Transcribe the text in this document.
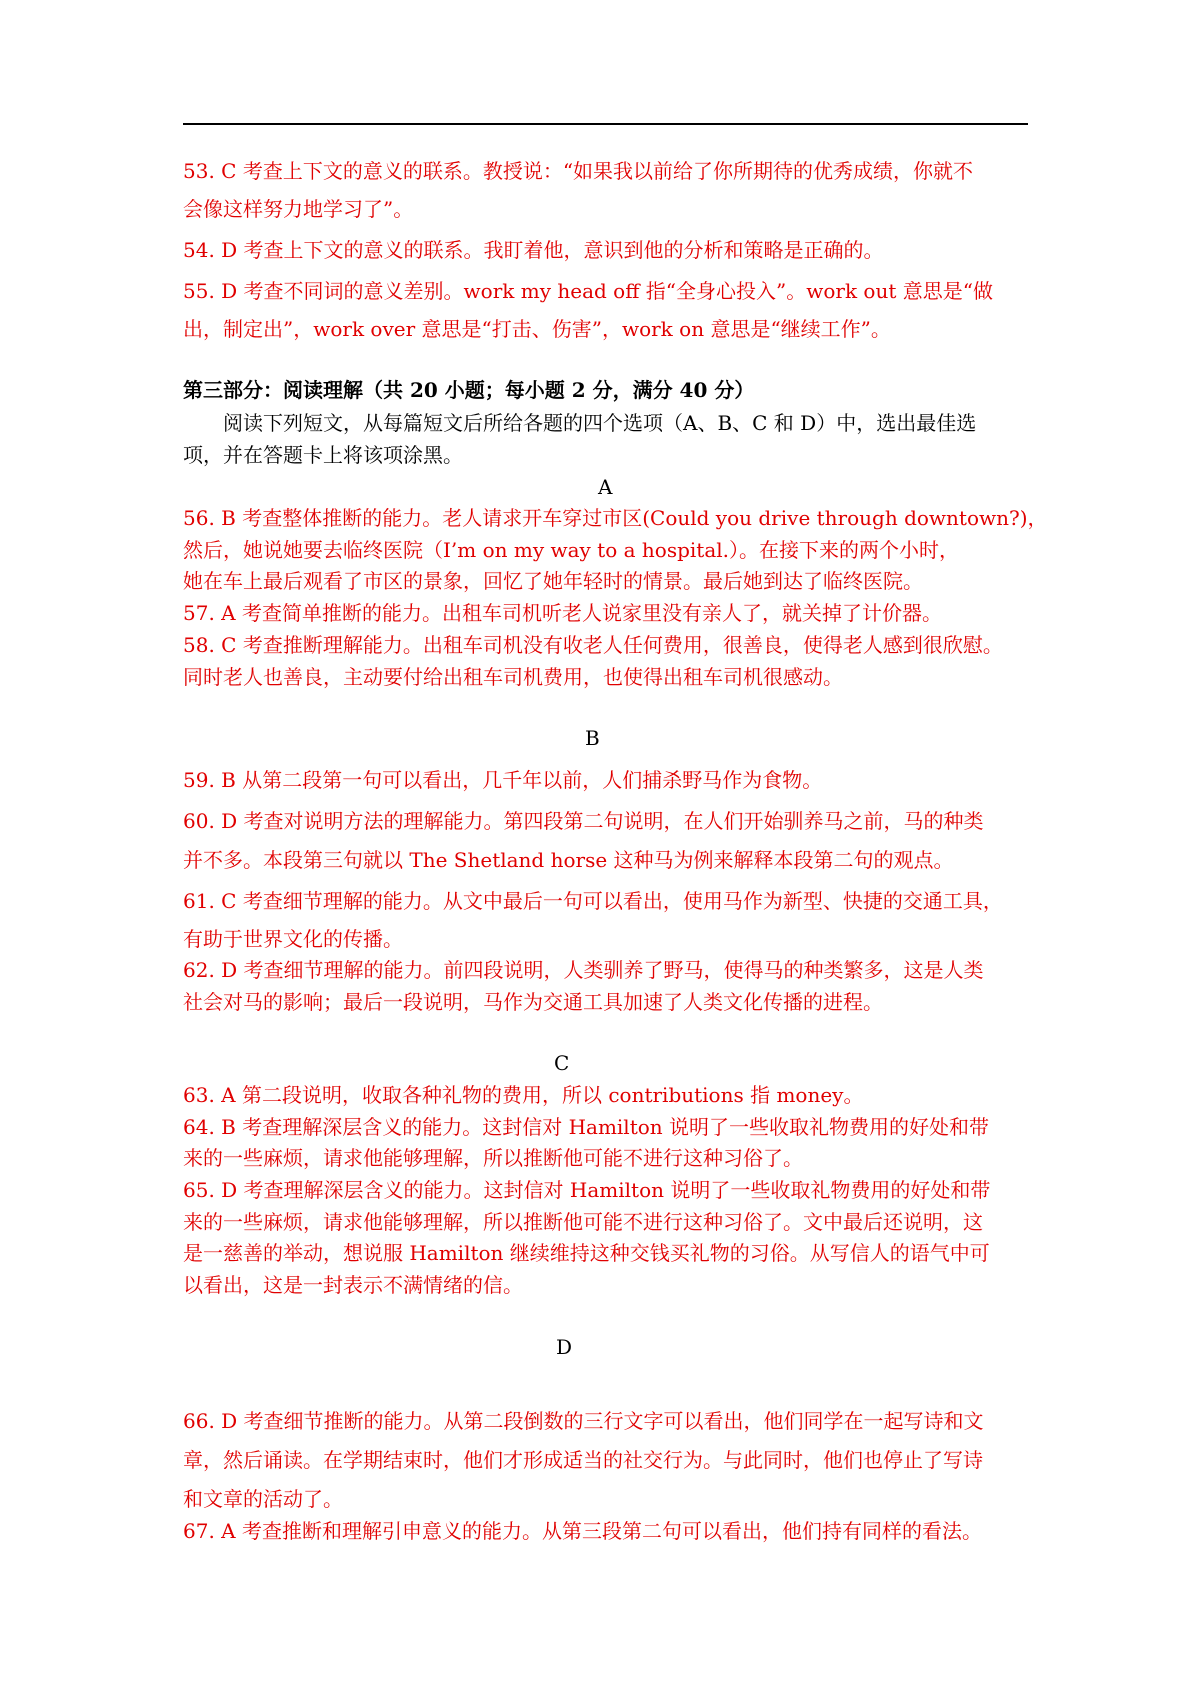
53. C 考查上下文的意义的联系。教授说：“如果我以前给了你所期待的优秀成绩，你就不
会像这样努力地学习了”。
54. D 考查上下文的意义的联系。我盯着他，意识到他的分析和策略是正确的。
55. D 考查不同词的意义差别。work my head off 指“全身心投入”。work out 意思是“做
出，制定出”，work over 意思是“打击、伤害”，work on 意思是“继续工作”。
第三部分：阅读理解（共 20 小题；每小题 2 分，满分 40 分）
阅读下列短文，从每篇短文后所给各题的四个选项（A、B、C 和 D）中，选出最佳选
项，并在答题卡上将该项涂黑。
A
56. B 考查整体推断的能力。老人请求开车穿过市区(Could you drive through downtown?)，
然后，她说她要去临终医院（I’m on my way to a hospital.）。在接下来的两个小时，
她在车上最后观看了市区的景象，回忆了她年轻时的情景。最后她到达了临终医院。
57. A 考查简单推断的能力。出租车司机听老人说家里没有亲人了，就关掉了计价器。
58. C 考查推断理解能力。出租车司机没有收老人任何费用，很善良，使得老人感到很欣慰。
同时老人也善良，主动要付给出租车司机费用，也使得出租车司机很感动。
B
59. B 从第二段第一句可以看出，几千年以前，人们捕杀野马作为食物。
60. D 考查对说明方法的理解能力。第四段第二句说明，在人们开始驯养马之前，马的种类
并不多。本段第三句就以 The Shetland horse 这种马为例来解释本段第二句的观点。
61. C 考查细节理解的能力。从文中最后一句可以看出，使用马作为新型、快捷的交通工具，
有助于世界文化的传播。
62. D 考查细节理解的能力。前四段说明，人类驯养了野马，使得马的种类繁多，这是人类
社会对马的影响；最后一段说明，马作为交通工具加速了人类文化传播的进程。
C
63. A 第二段说明，收取各种礼物的费用，所以 contributions 指 money。
64. B 考查理解深层含义的能力。这封信对 Hamilton 说明了一些收取礼物费用的好处和带
来的一些麻烦，请求他能够理解，所以推断他可能不进行这种习俗了。
65. D 考查理解深层含义的能力。这封信对 Hamilton 说明了一些收取礼物费用的好处和带
来的一些麻烦，请求他能够理解，所以推断他可能不进行这种习俗了。文中最后还说明，这
是一慈善的举动，想说服 Hamilton 继续维持这种交钱买礼物的习俗。从写信人的语气中可
以看出，这是一封表示不满情绪的信。
D
66. D 考查细节推断的能力。从第二段倒数的三行文字可以看出，他们同学在一起写诗和文
章，然后诵读。在学期结束时，他们才形成适当的社交行为。与此同时，他们也停止了写诗
和文章的活动了。
67. A 考查推断和理解引申意义的能力。从第三段第二句可以看出，他们持有同样的看法。
